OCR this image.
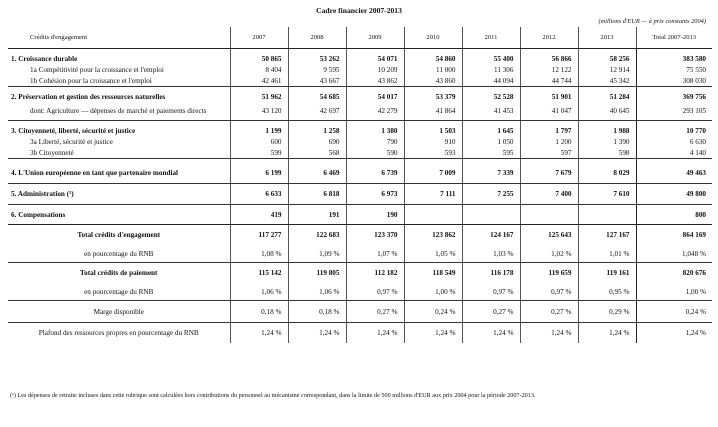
Cadre financier 2007-2013
(millions d'EUR — à prix constants 2004)
Crédits d'engagement	2007	2008	2009	2010	2011	2012	2013	Total 2007-2013
1. Croissance durable	50 865	53 262	54 071	54 860	55 400	56 866	58 256	383 580
1a Compétitivité pour la croissance et l'emploi	8 404	9 595	10 209	11 000	11 306	12 122	12 914	75 550
1b Cohésion pour la croissance et l'emploi	42 461	43 667	43 862	43 860	44 094	44 744	45 342	308 030
2. Préservation et gestion des ressources naturelles	51 962	54 685	54 017	53 379	52 528	51 901	51 284	369 756
dont: Agriculture — dépenses de marché et paiements directs	43 120	42 697	42 279	41 864	41 453	41 047	40 645	293 105
3. Citoyenneté, liberté, sécurité et justice	1 199	1 258	1 380	1 503	1 645	1 797	1 988	10 770
3a Liberté, sécurité et justice	600	690	790	910	1 050	1 200	1 390	6 630
3b Citoyenneté	599	568	590	593	595	597	598	4 140
4. L'Union européenne en tant que partenaire mondial	6 199	6 469	6 739	7 009	7 339	7 679	8 029	49 463
5. Administration (¹)	6 633	6 818	6 973	7 111	7 255	7 400	7 610	49 800
6. Compensations	419	191	190					800
Total crédits d'engagement	117 277	122 683	123 370	123 862	124 167	125 643	127 167	864 169
en pourcentage du RNB	1,08 %	1,09 %	1,07 %	1,05 %	1,03 %	1,02 %	1,01 %	1,048 %
Total crédits de paiement	115 142	119 805	112 182	118 549	116 178	119 659	119 161	820 676
en pourcentage du RNB	1,06 %	1,06 %	0,97 %	1,00 %	0,97 %	0,97 %	0,95 %	1,00 %
Marge disponible	0,18 %	0,18 %	0,27 %	0,24 %	0,27 %	0,27 %	0,29 %	0,24 %
Plafond des ressources propres en pourcentage du RNB	1,24 %	1,24 %	1,24 %	1,24 %	1,24 %	1,24 %	1,24 %	1,24 %
(¹) Les dépenses de retraite incluses dans cette rubrique sont calculées hors contributions du personnel au mécanisme correspondant, dans la limite de 500 millions d'EUR aux prix 2004 pour la période 2007-2013.
